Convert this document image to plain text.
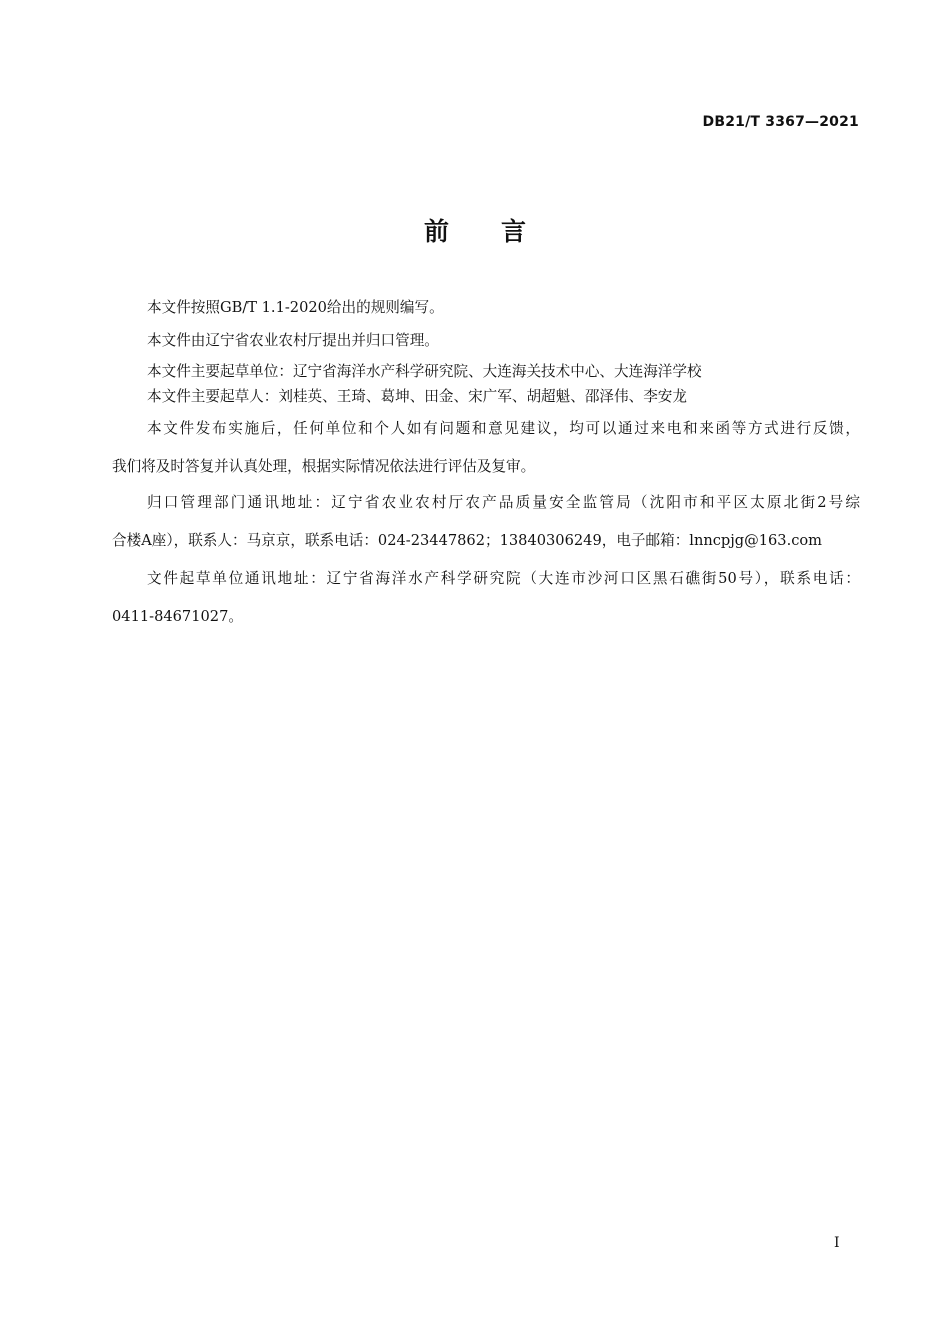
DB21/T 3367—2021
前 言
本文件按照GB/T 1.1-2020给出的规则编写。
本文件由辽宁省农业农村厅提出并归口管理。
本文件主要起草单位：辽宁省海洋水产科学研究院、大连海关技术中心、大连海洋学校
本文件主要起草人：刘桂英、王琦、葛坤、田金、宋广军、胡超魁、邵泽伟、李安龙
本文件发布实施后，任何单位和个人如有问题和意见建议，均可以通过来电和来函等方式进行反馈，
我们将及时答复并认真处理，根据实际情况依法进行评估及复审。
归口管理部门通讯地址：辽宁省农业农村厅农产品质量安全监管局（沈阳市和平区太原北街2号综
合楼A座），联系人：马京京，联系电话：024-23447862；13840306249，电子邮箱：lnncpjg@163.com
文件起草单位通讯地址：辽宁省海洋水产科学研究院（大连市沙河口区黑石礁街50号），联系电话：
0411-84671027。
I
